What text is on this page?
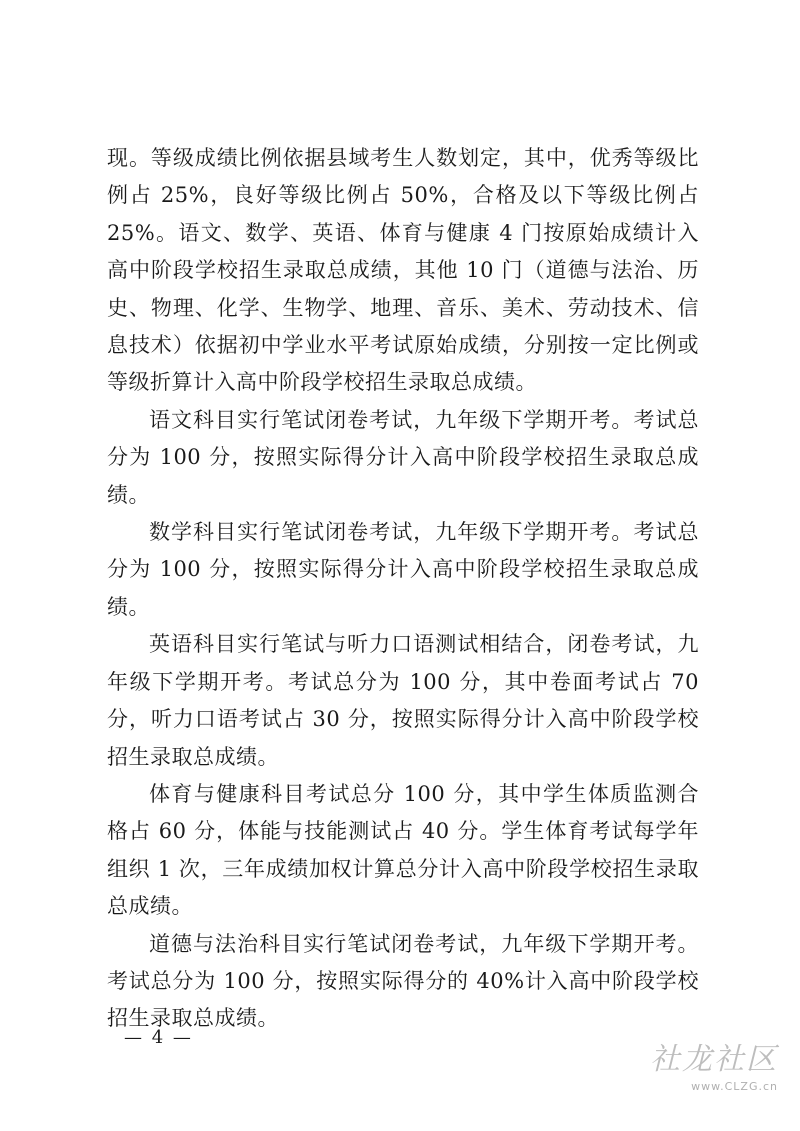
现。等级成绩比例依据县域考生人数划定，其中，优秀等级比例占 25%，良好等级比例占 50%，合格及以下等级比例占 25%。语文、数学、英语、体育与健康 4 门按原始成绩计入高中阶段学校招生录取总成绩，其他 10 门（道德与法治、历史、物理、化学、生物学、地理、音乐、美术、劳动技术、信息技术）依据初中学业水平考试原始成绩，分别按一定比例或等级折算计入高中阶段学校招生录取总成绩。

语文科目实行笔试闭卷考试，九年级下学期开考。考试总分为 100 分，按照实际得分计入高中阶段学校招生录取总成绩。

数学科目实行笔试闭卷考试，九年级下学期开考。考试总分为 100 分，按照实际得分计入高中阶段学校招生录取总成绩。

英语科目实行笔试与听力口语测试相结合，闭卷考试，九年级下学期开考。考试总分为 100 分，其中卷面考试占 70 分，听力口语考试占 30 分，按照实际得分计入高中阶段学校招生录取总成绩。

体育与健康科目考试总分 100 分，其中学生体质监测合格占 60 分，体能与技能测试占 40 分。学生体育考试每学年组织 1 次，三年成绩加权计算总分计入高中阶段学校招生录取总成绩。

道德与法治科目实行笔试闭卷考试，九年级下学期开考。考试总分为 100 分，按照实际得分的 40%计入高中阶段学校招生录取总成绩。

— 4 —
社龙社区
www.CLZG.cn
